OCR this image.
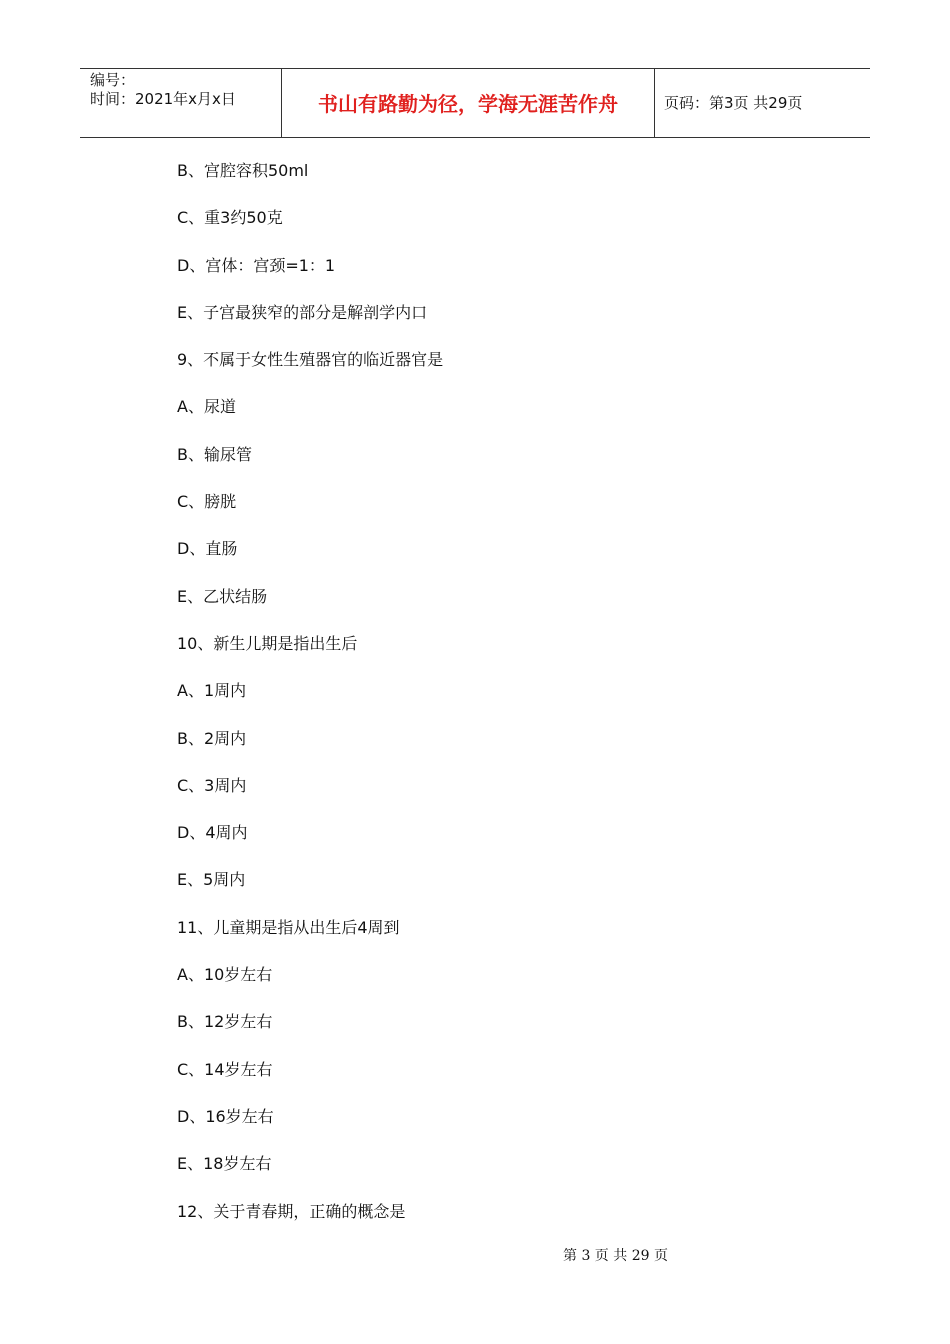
编号：
时间：2021年x月x日	书山有路勤为径，学海无涯苦作舟	页码：第3页 共29页
B、宫腔容积50ml
C、重3约50克
D、宫体：宫颈=1：1
E、子宫最狭窄的部分是解剖学内口
9、不属于女性生殖器官的临近器官是
A、尿道
B、输尿管
C、膀胱
D、直肠
E、乙状结肠
10、新生儿期是指出生后
A、1周内
B、2周内
C、3周内
D、4周内
E、5周内
11、儿童期是指从出生后4周到
A、10岁左右
B、12岁左右
C、14岁左右
D、16岁左右
E、18岁左右
12、关于青春期，正确的概念是
第 3 页 共 29 页
